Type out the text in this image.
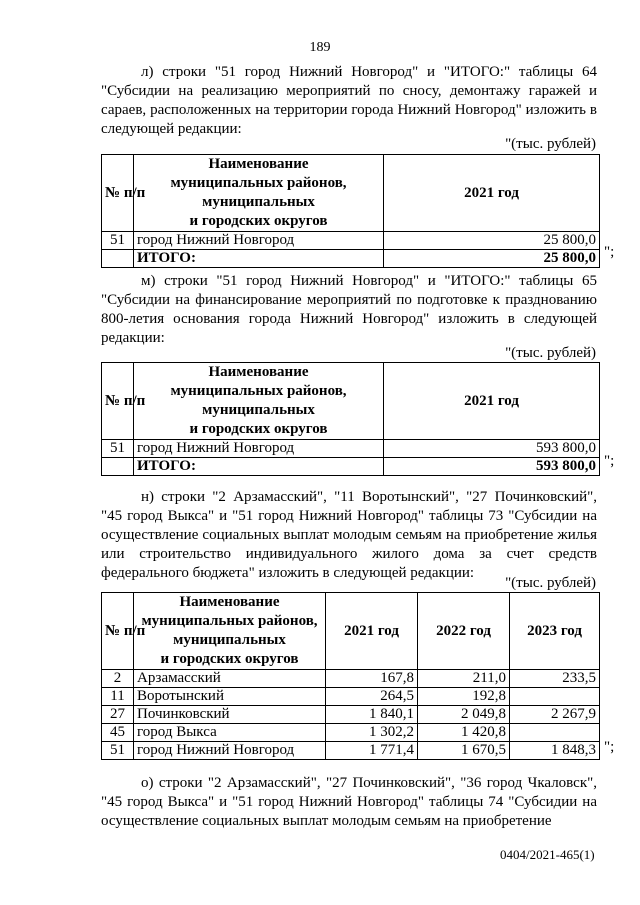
189
л) строки "51 город Нижний Новгород" и "ИТОГО:" таблицы 64 "Субсидии на реализацию мероприятий по сносу, демонтажу гаражей и сараев, расположенных на территории города Нижний Новгород" изложить в следующей редакции:
"(тыс. рублей)
№ п/п	Наименование
муниципальных районов,
муниципальных
и городских округов	2021 год
51	город Нижний Новгород	25 800,0
	ИТОГО:	25 800,0 ";
м) строки "51 город Нижний Новгород" и "ИТОГО:" таблицы 65 "Субсидии на финансирование мероприятий по подготовке к празднованию 800-летия основания города Нижний Новгород" изложить в следующей редакции:
"(тыс. рублей)
№ п/п	Наименование
муниципальных районов,
муниципальных
и городских округов	2021 год
51	город Нижний Новгород	593 800,0
	ИТОГО:	593 800,0 ";
н) строки "2 Арзамасский", "11 Воротынский", "27 Починковский", "45 город Выкса" и "51 город Нижний Новгород" таблицы 73 "Субсидии на осуществление социальных выплат молодым семьям на приобретение жилья или строительство индивидуального жилого дома за счет средств федерального бюджета" изложить в следующей редакции:
"(тыс. рублей)
№ п/п	Наименование
муниципальных районов,
муниципальных
и городских округов	2021 год	2022 год	2023 год
2	Арзамасский	167,8	211,0	233,5
11	Воротынский	264,5	192,8	
27	Починковский	1 840,1	2 049,8	2 267,9
45	город Выкса	1 302,2	1 420,8	
51	город Нижний Новгород	1 771,4	1 670,5	1 848,3 ";
о) строки "2 Арзамасский", "27 Починковский", "36 город Чкаловск", "45 город Выкса" и "51 город Нижний Новгород" таблицы 74 "Субсидии на осуществление социальных выплат молодым семьям на приобретение
0404/2021-465(1)
